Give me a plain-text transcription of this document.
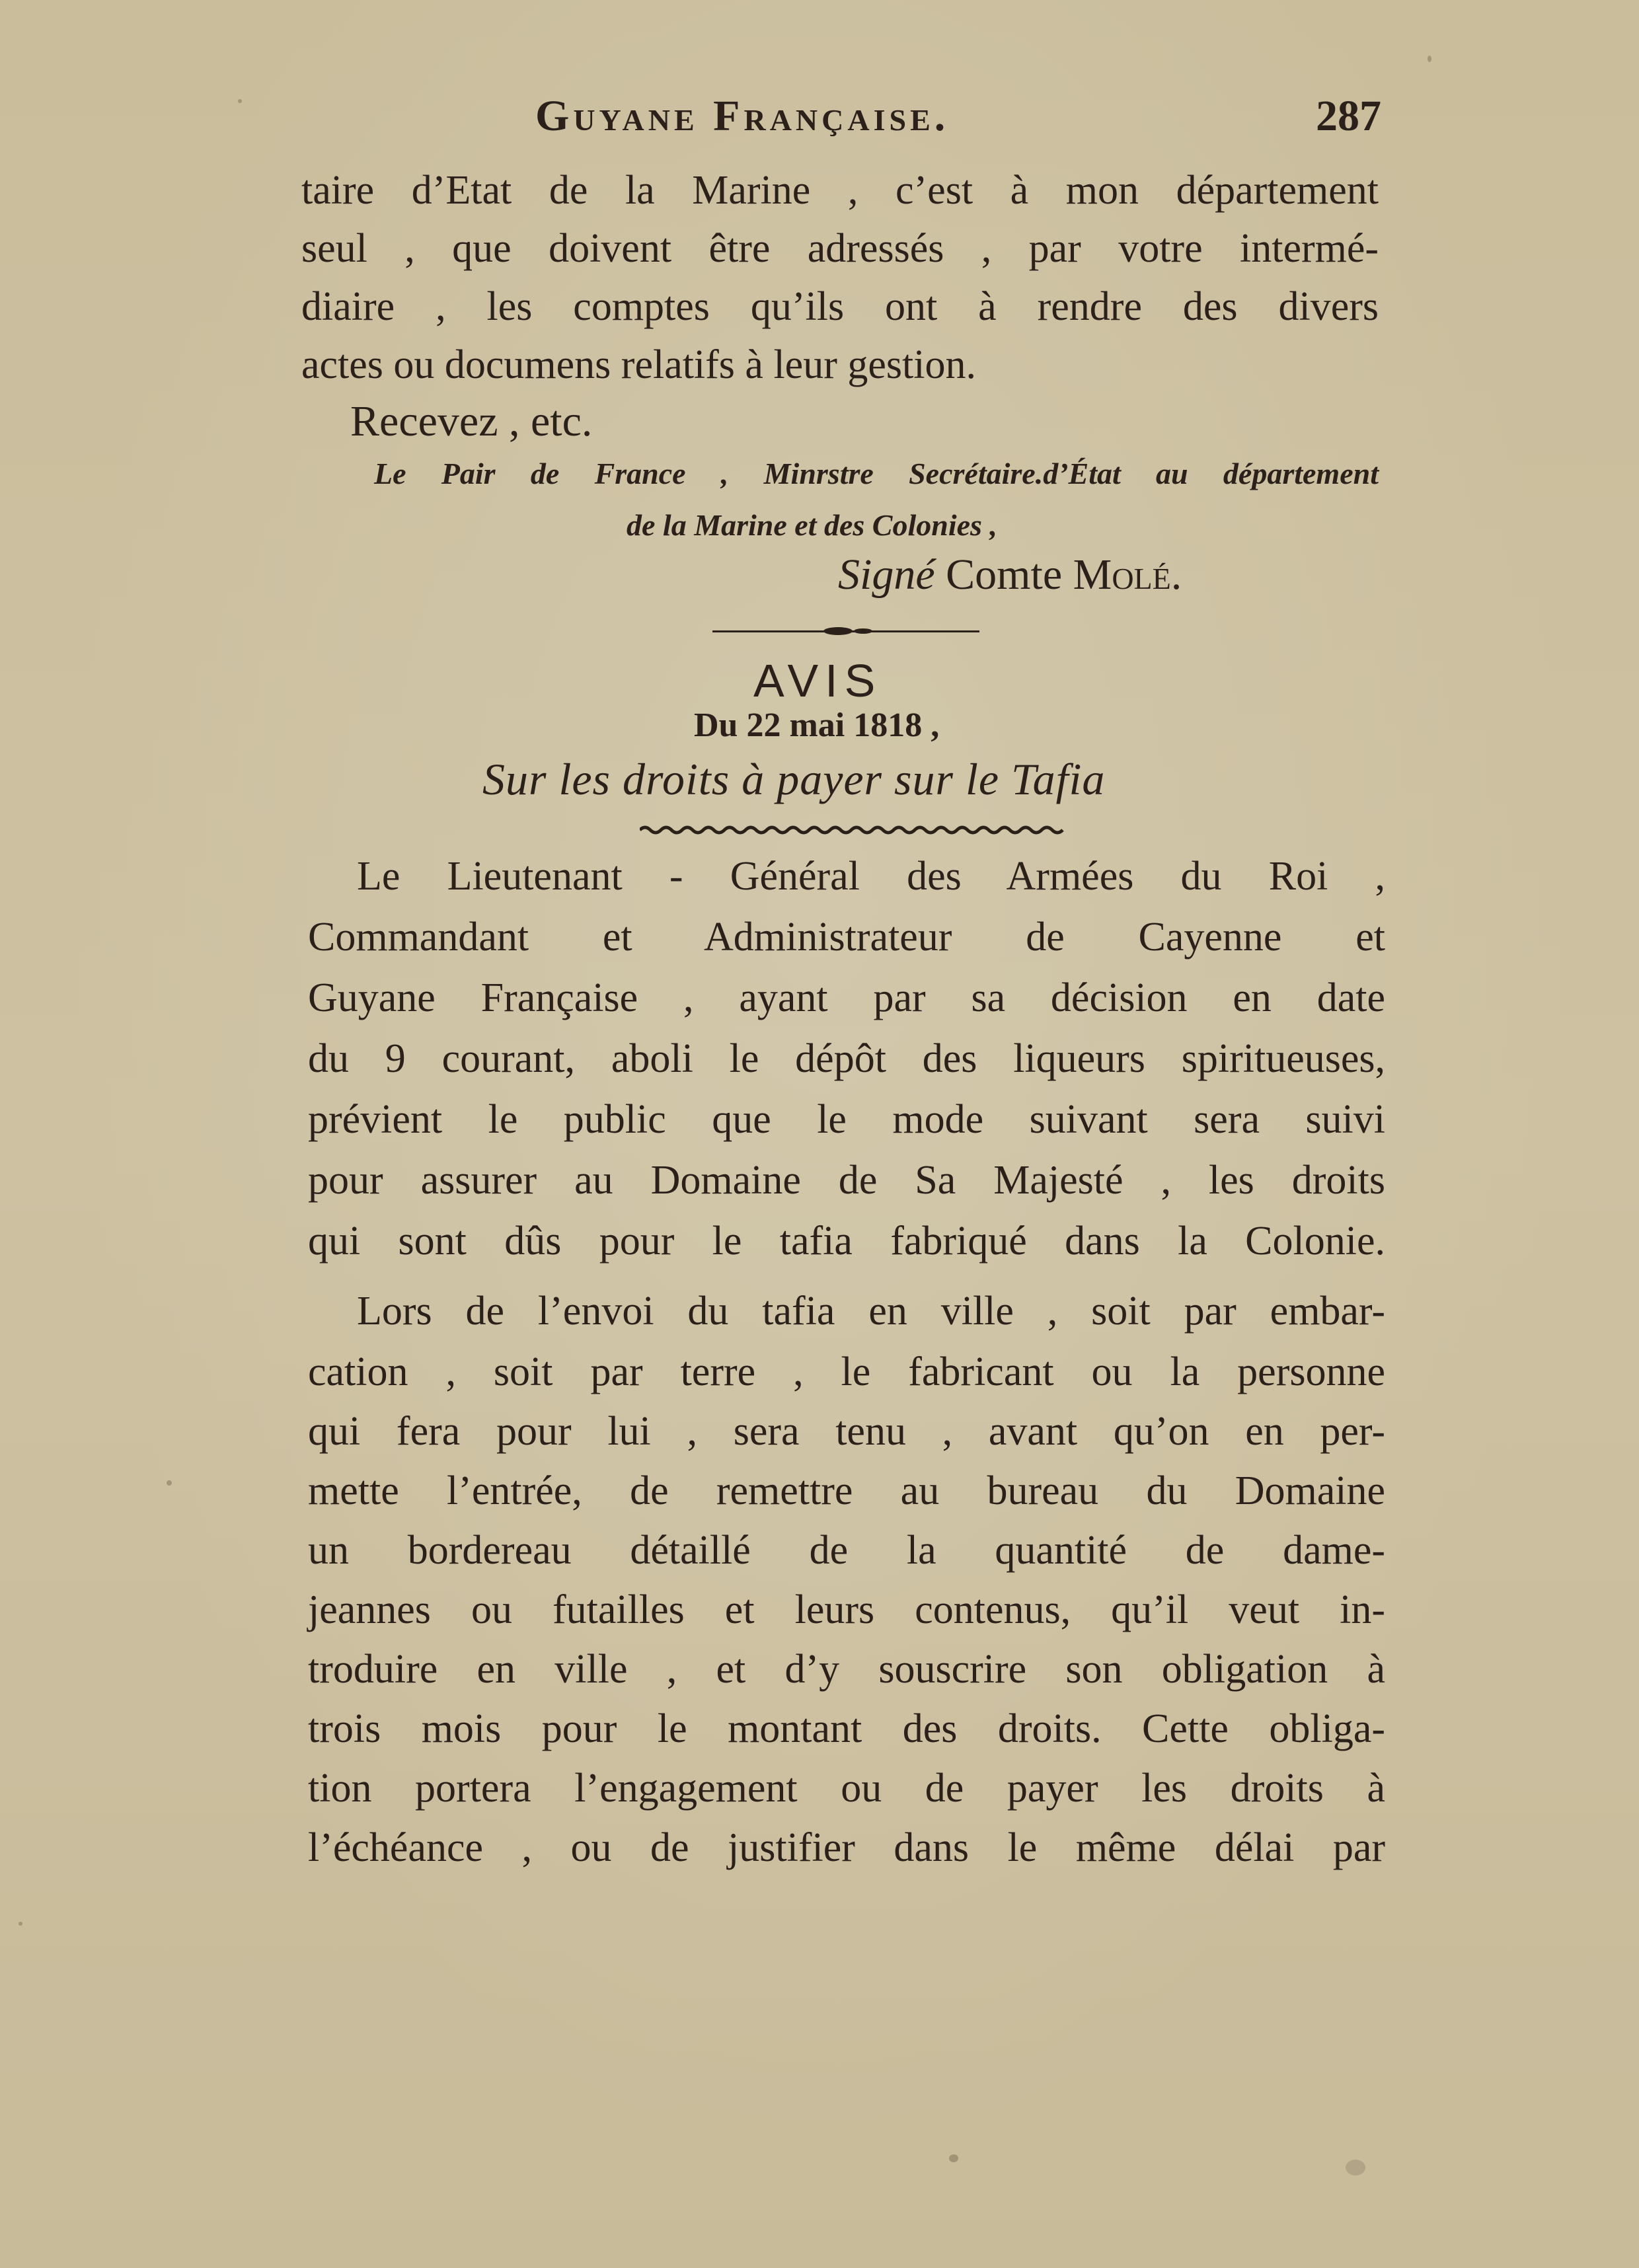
Guyane Française.	287
taire d’Etat de la Marine , c’est à mon département
seul , que doivent être adressés , par votre intermé-
diaire , les comptes qu’ils ont à rendre des divers
actes ou documens relatifs à leur gestion.
Recevez , etc.
Le Pair de France , Minrstre Secrétaire.d’État au département
de la Marine et des Colonies ,
Signé Comte Molé.
AVIS
Du 22 mai 1818 ,
Sur les droits à payer sur le Tafia
Le Lieutenant - Général des Armées du Roi ,
Commandant et Administrateur de Cayenne et
Guyane Française , ayant par sa décision en date
du 9 courant, aboli le dépôt des liqueurs spiritueuses,
prévient le public que le mode suivant sera suivi
pour assurer au Domaine de Sa Majesté , les droits
qui sont dûs pour le tafia fabriqué dans la Colonie.
Lors de l’envoi du tafia en ville , soit par embar-
cation , soit par terre , le fabricant ou la personne
qui fera pour lui , sera tenu , avant qu’on en per-
mette l’entrée, de remettre au bureau du Domaine
un bordereau détaillé de la quantité de dame-
jeannes ou futailles et leurs contenus, qu’il veut in-
troduire en ville , et d’y souscrire son obligation à
trois mois pour le montant des droits. Cette obliga-
tion portera l’engagement ou de payer les droits à
l’échéance , ou de justifier dans le même délai par
